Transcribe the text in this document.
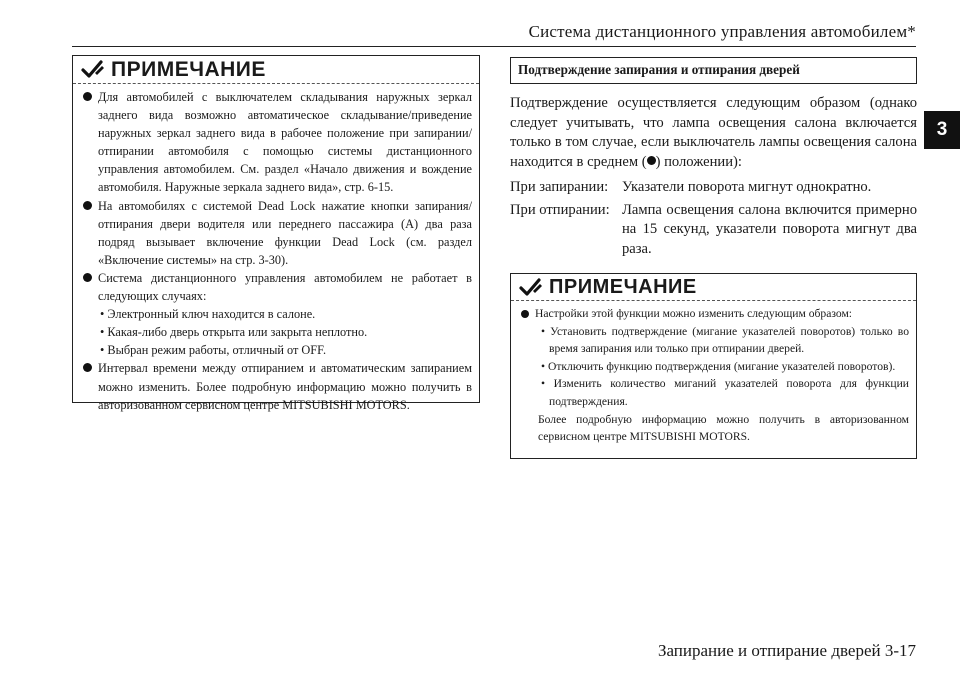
Система дистанционного управления автомобилем*
3
ПРИМЕЧАНИЕ
Для автомобилей с выключателем складывания наружных зеркал заднего вида возможно автоматическое складывание/приведение наружных зеркал заднего вида в рабочее положение при запирании/отпирании автомобиля с помощью системы дистанционного управления автомобилем. См. раздел «Начало движения и вождение автомобиля. Наружные зеркала заднего вида», стр. 6-15.
На автомобилях с системой Dead Lock нажатие кнопки запирания/отпирания двери водителя или переднего пассажира (A) два раза подряд вызывает включение функции Dead Lock (см. раздел «Включение системы» на стр. 3-30).
Система дистанционного управления автомобилем не работает в следующих случаях:
• Электронный ключ находится в салоне.
• Какая-либо дверь открыта или закрыта неплотно.
• Выбран режим работы, отличный от OFF.
Интервал времени между отпиранием и автоматическим запиранием можно изменить. Более подробную информацию можно получить в авторизованном сервисном центре MITSUBISHI MOTORS.
Подтверждение запирания и отпирания дверей
Подтверждение осуществляется следующим образом (однако следует учитывать, что лампа освещения салона включается только в том случае, если выключатель лампы освещения салона находится в среднем ( ) положении):
При запирании: Указатели поворота мигнут однократно.
При отпирании: Лампа освещения салона включится примерно на 15 секунд, указатели поворота мигнут два раза.
ПРИМЕЧАНИЕ
Настройки этой функции можно изменить следующим образом:
• Установить подтверждение (мигание указателей поворотов) только во время запирания или только при отпирании дверей.
• Отключить функцию подтверждения (мигание указателей поворотов).
• Изменить количество миганий указателей поворота для функции подтверждения.
Более подробную информацию можно получить в авторизованном сервисном центре MITSUBISHI MOTORS.
Запирание и отпирание дверей 3-17
